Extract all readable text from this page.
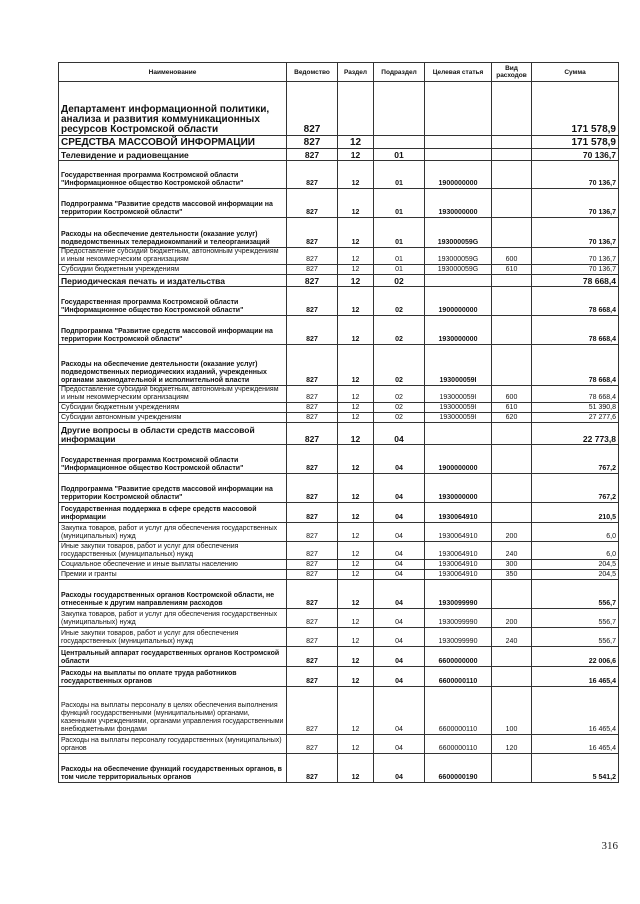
Наименование	Ведомство	Раздел	Подраздел	Целевая статья	Вид расходов	Сумма
Департамент информационной политики, анализа и развития коммуникационных ресурсов Костромской области	827					171 578,9
СРЕДСТВА МАССОВОЙ ИНФОРМАЦИИ	827	12				171 578,9
Телевидение и радиовещание	827	12	01			70 136,7
Государственная программа Костромской области "Информационное общество Костромской области"	827	12	01	1900000000		70 136,7
Подпрограмма "Развитие средств массовой информации на территории Костромской области"	827	12	01	1930000000		70 136,7
Расходы на обеспечение деятельности (оказание услуг) подведомственных телерадиокомпаний и телеорганизаций	827	12	01	193000059G		70 136,7
Предоставление субсидий бюджетным, автономным учреждениям и иным некоммерческим организациям	827	12	01	193000059G	600	70 136,7
Субсидии бюджетным учреждениям	827	12	01	193000059G	610	70 136,7
Периодическая печать и издательства	827	12	02			78 668,4
Государственная программа Костромской области "Информационное общество Костромской области"	827	12	02	1900000000		78 668,4
Подпрограмма "Развитие средств массовой информации на территории Костромской области"	827	12	02	1930000000		78 668,4
Расходы на обеспечение деятельности (оказание услуг) подведомственных периодических изданий, учрежденных органами законодательной и исполнительной власти	827	12	02	193000059I		78 668,4
Предоставление субсидий бюджетным, автономным учреждениям и иным некоммерческим организациям	827	12	02	193000059I	600	78 668,4
Субсидии бюджетным учреждениям	827	12	02	193000059I	610	51 390,8
Субсидии автономным учреждениям	827	12	02	193000059I	620	27 277,6
Другие вопросы в области средств массовой информации	827	12	04			22 773,8
Государственная программа Костромской области "Информационное общество Костромской области"	827	12	04	1900000000		767,2
Подпрограмма "Развитие средств массовой информации на территории Костромской области"	827	12	04	1930000000		767,2
Государственная поддержка в сфере средств массовой информации	827	12	04	1930064910		210,5
Закупка товаров, работ и услуг для обеспечения государственных (муниципальных) нужд	827	12	04	1930064910	200	6,0
Иные закупки товаров, работ и услуг для обеспечения государственных (муниципальных) нужд	827	12	04	1930064910	240	6,0
Социальное обеспечение и иные выплаты населению	827	12	04	1930064910	300	204,5
Премии и гранты	827	12	04	1930064910	350	204,5
Расходы государственных органов Костромской области, не отнесенные к другим направлениям расходов	827	12	04	1930099990		556,7
Закупка товаров, работ и услуг для обеспечения государственных (муниципальных) нужд	827	12	04	1930099990	200	556,7
Иные закупки товаров, работ и услуг для обеспечения государственных (муниципальных) нужд	827	12	04	1930099990	240	556,7
Центральный аппарат государственных органов Костромской области	827	12	04	6600000000		22 006,6
Расходы на выплаты по оплате труда работников государственных органов	827	12	04	6600000110		16 465,4
Расходы на выплаты персоналу в целях обеспечения выполнения функций государственными (муниципальными) органами, казенными учреждениями, органами управления государственными внебюджетными фондами	827	12	04	6600000110	100	16 465,4
Расходы на выплаты персоналу государственных (муниципальных) органов	827	12	04	6600000110	120	16 465,4
Расходы на обеспечение функций государственных органов, в том числе территориальных органов	827	12	04	6600000190		5 541,2
316
